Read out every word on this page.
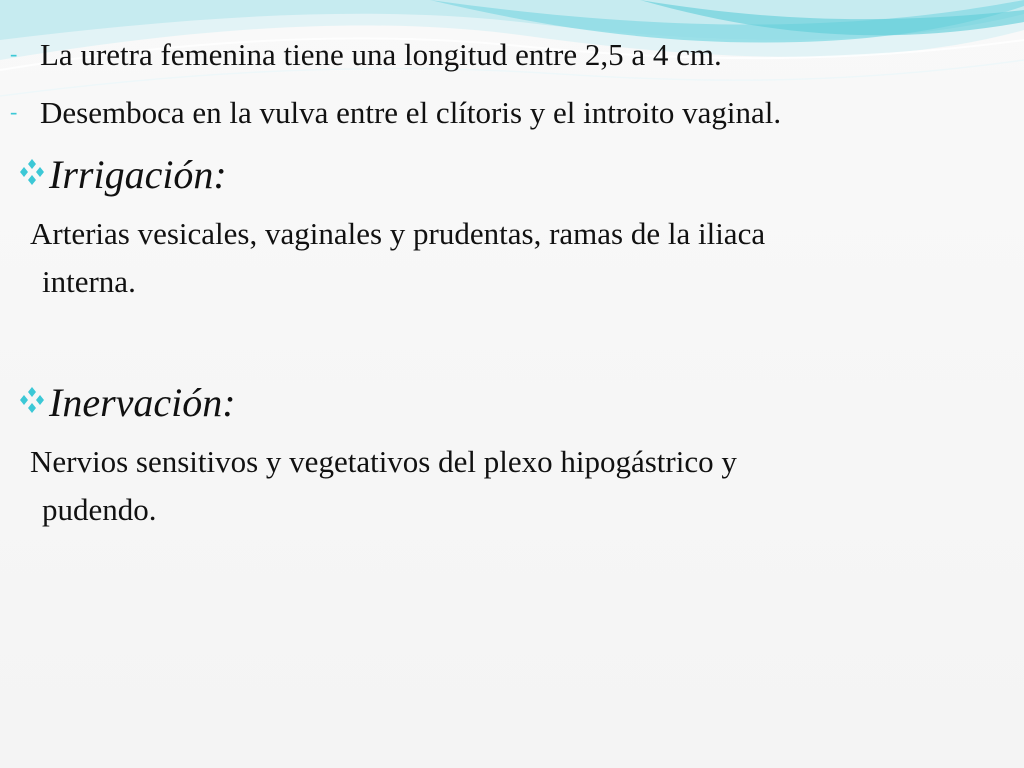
- La uretra femenina tiene una longitud entre 2,5 a 4 cm.
- Desemboca en la vulva entre el clítoris y el introito vaginal.
Irrigación:
Arterias vesicales, vaginales y prudentas, ramas de la iliaca
interna.
Inervación:
Nervios sensitivos y vegetativos del plexo hipogástrico y
pudendo.
